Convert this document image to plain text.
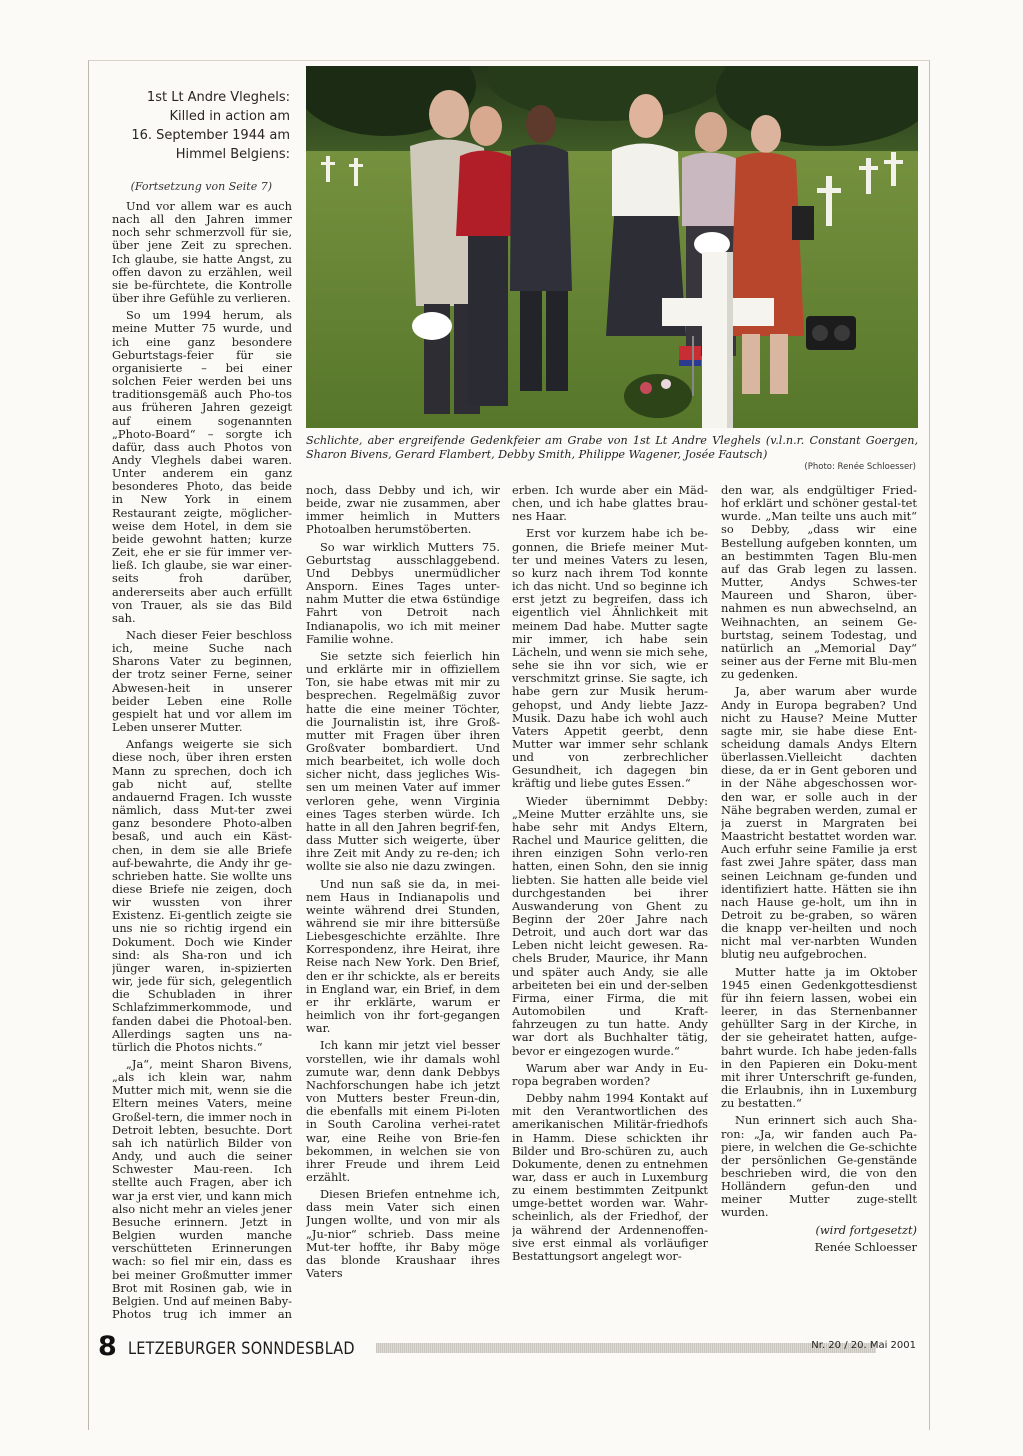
1st Lt Andre Vleghels:
Killed in action am
16. September 1944 am
Himmel Belgiens:
(Fortsetzung von Seite 7)
Schlichte, aber ergreifende Gedenkfeier am Grabe von 1st Lt Andre Vleghels (v.l.n.r. Constant Goergen, Sharon Bivens, Gerard Flambert, Debby Smith, Philippe Wagener, Josée Fautsch)
(Photo: Renée Schloesser)

Und vor allem war es auch nach all den Jahren immer noch sehr schmerzvoll für sie, über jene Zeit zu sprechen. Ich glaube, sie hatte Angst, zu offen davon zu erzählen, weil sie be-fürchtete, die Kontrolle über ihre Gefühle zu verlieren.

So um 1994 herum, als meine Mutter 75 wurde, und ich eine ganz besondere Geburtstags-feier für sie organisierte – bei einer solchen Feier werden bei uns traditionsgemäß auch Pho-tos aus früheren Jahren gezeigt auf einem sogenannten „Photo-Board“ – sorgte ich dafür, dass auch Photos von Andy Vleghels dabei waren. Unter anderem ein ganz besonderes Photo, das beide in New York in einem Restaurant zeigte, möglicher-weise dem Hotel, in dem sie beide gewohnt hatten; kurze Zeit, ehe er sie für immer ver-ließ. Ich glaube, sie war einer-seits froh darüber, andererseits aber auch erfüllt von Trauer, als sie das Bild sah.

Nach dieser Feier beschloss ich, meine Suche nach Sharons Vater zu beginnen, der trotz seiner Ferne, seiner Abwesen-heit in unserer beider Leben eine Rolle gespielt hat und vor allem im Leben unserer Mutter.

Anfangs weigerte sie sich diese noch, über ihren ersten Mann zu sprechen, doch ich gab nicht auf, stellte andauernd Fragen. Ich wusste nämlich, dass Mut-ter zwei ganz besondere Photo-alben besaß, und auch ein Käst-chen, in dem sie alle Briefe auf-bewahrte, die Andy ihr ge-schrieben hatte. Sie wollte uns diese Briefe nie zeigen, doch wir wussten von ihrer Existenz. Ei-gentlich zeigte sie uns nie so richtig irgend ein Dokument. Doch wie Kinder sind: als Sha-ron und ich jünger waren, in-spizierten wir, jede für sich, gelegentlich die Schubladen in ihrer Schlafzimmerkommode, und fanden dabei die Photoal-ben. Allerdings sagten uns na-türlich die Photos nichts.“

„Ja“, meint Sharon Bivens, „als ich klein war, nahm Mutter mich mit, wenn sie die Eltern meines Vaters, meine Großel-tern, die immer noch in Detroit lebten, besuchte. Dort sah ich natürlich Bilder von Andy, und auch die seiner Schwester Mau-reen. Ich stellte auch Fragen, aber ich war ja erst vier, und kann mich also nicht mehr an vieles jener Besuche erinnern. Jetzt in Belgien wurden manche verschütteten Erinnerungen wach: so fiel mir ein, dass es bei meiner Großmutter immer Brot mit Rosinen gab, wie in Belgien. Und auf meinen Baby-Photos trug ich immer an

noch, dass Debby und ich, wir beide, zwar nie zusammen, aber immer heimlich in Mutters Photoalben herumstöberten.

So war wirklich Mutters 75. Geburtstag ausschlaggebend. Und Debbys unermüdlicher Ansporn. Eines Tages unter-nahm Mutter die etwa 6stündige Fahrt von Detroit nach Indianapolis, wo ich mit meiner Familie wohne.

Sie setzte sich feierlich hin und erklärte mir in offiziellem Ton, sie habe etwas mit mir zu besprechen. Regelmäßig zuvor hatte die eine meiner Töchter, die Journalistin ist, ihre Groß-mutter mit Fragen über ihren Großvater bombardiert. Und mich bearbeitet, ich wolle doch sicher nicht, dass jegliches Wis-sen um meinen Vater auf immer verloren gehe, wenn Virginia eines Tages sterben würde. Ich hatte in all den Jahren begrif-fen, dass Mutter sich weigerte, über ihre Zeit mit Andy zu re-den; ich wollte sie also nie dazu zwingen.

Und nun saß sie da, in mei-nem Haus in Indianapolis und weinte während drei Stunden, während sie mir ihre bittersüße Liebesgeschichte erzählte. Ihre Korrespondenz, ihre Heirat, ihre Reise nach New York. Den Brief, den er ihr schickte, als er bereits in England war, ein Brief, in dem er ihr erklärte, warum er heimlich von ihr fort-gegangen war.

Ich kann mir jetzt viel besser vorstellen, wie ihr damals wohl zumute war, denn dank Debbys Nachforschungen habe ich jetzt von Mutters bester Freun-din, die ebenfalls mit einem Pi-loten in South Carolina verhei-ratet war, eine Reihe von Brie-fen bekommen, in welchen sie von ihrer Freude und ihrem Leid erzählt.

Diesen Briefen entnehme ich, dass mein Vater sich einen Jungen wollte, und von mir als „Ju-nior“ schrieb. Dass meine Mut-ter hoffte, ihr Baby möge das blonde Kraushaar ihres Vaters

erben. Ich wurde aber ein Mäd-chen, und ich habe glattes brau-nes Haar.

Erst vor kurzem habe ich be-gonnen, die Briefe meiner Mut-ter und meines Vaters zu lesen, so kurz nach ihrem Tod konnte ich das nicht. Und so beginne ich erst jetzt zu begreifen, dass ich eigentlich viel Ähnlichkeit mit meinem Dad habe. Mutter sagte mir immer, ich habe sein Lächeln, und wenn sie mich sehe, sehe sie ihn vor sich, wie er verschmitzt grinse. Sie sagte, ich habe gern zur Musik herum-gehopst, und Andy liebte Jazz-Musik. Dazu habe ich wohl auch Vaters Appetit geerbt, denn Mutter war immer sehr schlank und von zerbrechlicher Gesundheit, ich dagegen bin kräftig und liebe gutes Essen.“

Wieder übernimmt Debby: „Meine Mutter erzählte uns, sie habe sehr mit Andys Eltern, Rachel und Maurice gelitten, die ihren einzigen Sohn verlo-ren hatten, einen Sohn, den sie innig liebten. Sie hatten alle beide viel durchgestanden bei ihrer Auswanderung von Ghent zu Beginn der 20er Jahre nach Detroit, und auch dort war das Leben nicht leicht gewesen. Ra-chels Bruder, Maurice, ihr Mann und später auch Andy, sie alle arbeiteten bei ein und der-selben Firma, einer Firma, die mit Automobilen und Kraft-fahrzeugen zu tun hatte. Andy war dort als Buchhalter tätig, bevor er eingezogen wurde.“

Warum aber war Andy in Eu-ropa begraben worden?

Debby nahm 1994 Kontakt auf mit den Verantwortlichen des amerikanischen Militär-friedhofs in Hamm. Diese schickten ihr Bilder und Bro-schüren zu, auch Dokumente, denen zu entnehmen war, dass er auch in Luxemburg zu einem bestimmten Zeitpunkt umge-bettet worden war. Wahr-scheinlich, als der Friedhof, der ja während der Ardennenoffen-sive erst einmal als vorläufiger Bestattungsort angelegt wor-

den war, als endgültiger Fried-hof erklärt und schöner gestal-tet wurde. „Man teilte uns auch mit“ so Debby, „dass wir eine Bestellung aufgeben konnten, um an bestimmten Tagen Blu-men auf das Grab legen zu lassen. Mutter, Andys Schwes-ter Maureen und Sharon, über-nahmen es nun abwechselnd, an Weihnachten, an seinem Ge-burtstag, seinem Todestag, und natürlich an „Memorial Day“ seiner aus der Ferne mit Blu-men zu gedenken.

Ja, aber warum aber wurde Andy in Europa begraben? Und nicht zu Hause? Meine Mutter sagte mir, sie habe diese Ent-scheidung damals Andys Eltern überlassen.Vielleicht dachten diese, da er in Gent geboren und in der Nähe abgeschossen wor-den war, er solle auch in der Nähe begraben werden, zumal er ja zuerst in Margraten bei Maastricht bestattet worden war. Auch erfuhr seine Familie ja erst fast zwei Jahre später, dass man seinen Leichnam ge-funden und identifiziert hatte. Hätten sie ihn nach Hause ge-holt, um ihn in Detroit zu be-graben, so wären die knapp ver-heilten und noch nicht mal ver-narbten Wunden blutig neu aufgebrochen.

Mutter hatte ja im Oktober 1945 einen Gedenkgottesdienst für ihn feiern lassen, wobei ein leerer, in das Sternenbanner gehüllter Sarg in der Kirche, in der sie geheiratet hatten, aufge-bahrt wurde. Ich habe jeden-falls in den Papieren ein Doku-ment mit ihrer Unterschrift ge-funden, die Erlaubnis, ihn in Luxemburg zu bestatten.“

Nun erinnert sich auch Sha-ron: „Ja, wir fanden auch Pa-piere, in welchen die Ge-schichte der persönlichen Ge-genstände beschrieben wird, die von den Holländern gefun-den und meiner Mutter zuge-stellt wurden.

(wird fortgesetzt)

Renée Schloesser

8 LETZEBURGER SONNDESBLAD	Nr. 20 / 20. Mai 2001
